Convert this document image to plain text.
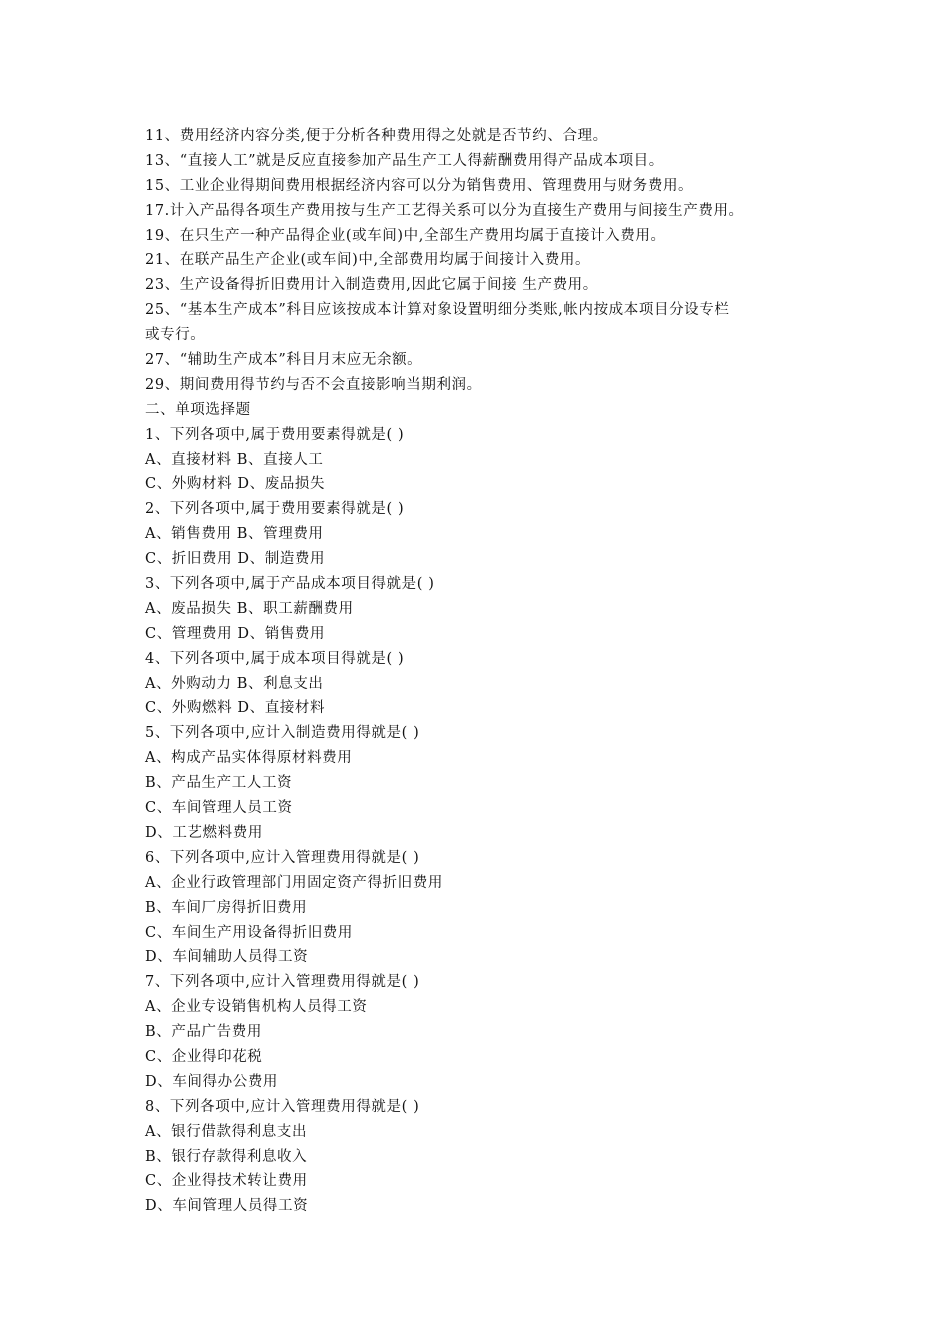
11、费用经济内容分类,便于分析各种费用得之处就是否节约、合理。
13、“直接人工”就是反应直接参加产品生产工人得薪酬费用得产品成本项目。
15、工业企业得期间费用根据经济内容可以分为销售费用、管理费用与财务费用。
17.计入产品得各项生产费用按与生产工艺得关系可以分为直接生产费用与间接生产费用。
19、在只生产一种产品得企业(或车间)中,全部生产费用均属于直接计入费用。
21、在联产品生产企业(或车间)中,全部费用均属于间接计入费用。
23、生产设备得折旧费用计入制造费用,因此它属于间接 生产费用。
25、“基本生产成本”科目应该按成本计算对象设置明细分类账,帐内按成本项目分设专栏
或专行。
27、“辅助生产成本”科目月末应无余额。
29、期间费用得节约与否不会直接影响当期利润。
二、单项选择题
1、下列各项中,属于费用要素得就是( )
A、直接材料 B、直接人工
C、外购材料 D、废品损失
2、下列各项中,属于费用要素得就是( )
A、销售费用 B、管理费用
C、折旧费用 D、制造费用
3、下列各项中,属于产品成本项目得就是( )
A、废品损失 B、职工薪酬费用
C、管理费用 D、销售费用
4、下列各项中,属于成本项目得就是( )
A、外购动力 B、利息支出
C、外购燃料 D、直接材料
5、下列各项中,应计入制造费用得就是( )
A、构成产品实体得原材料费用
B、产品生产工人工资
C、车间管理人员工资
D、工艺燃料费用
6、下列各项中,应计入管理费用得就是( )
A、企业行政管理部门用固定资产得折旧费用
B、车间厂房得折旧费用
C、车间生产用设备得折旧费用
D、车间辅助人员得工资
7、下列各项中,应计入管理费用得就是( )
A、企业专设销售机构人员得工资
B、产品广告费用
C、企业得印花税
D、车间得办公费用
8、下列各项中,应计入管理费用得就是( )
A、银行借款得利息支出
B、银行存款得利息收入
C、企业得技术转让费用
D、车间管理人员得工资
